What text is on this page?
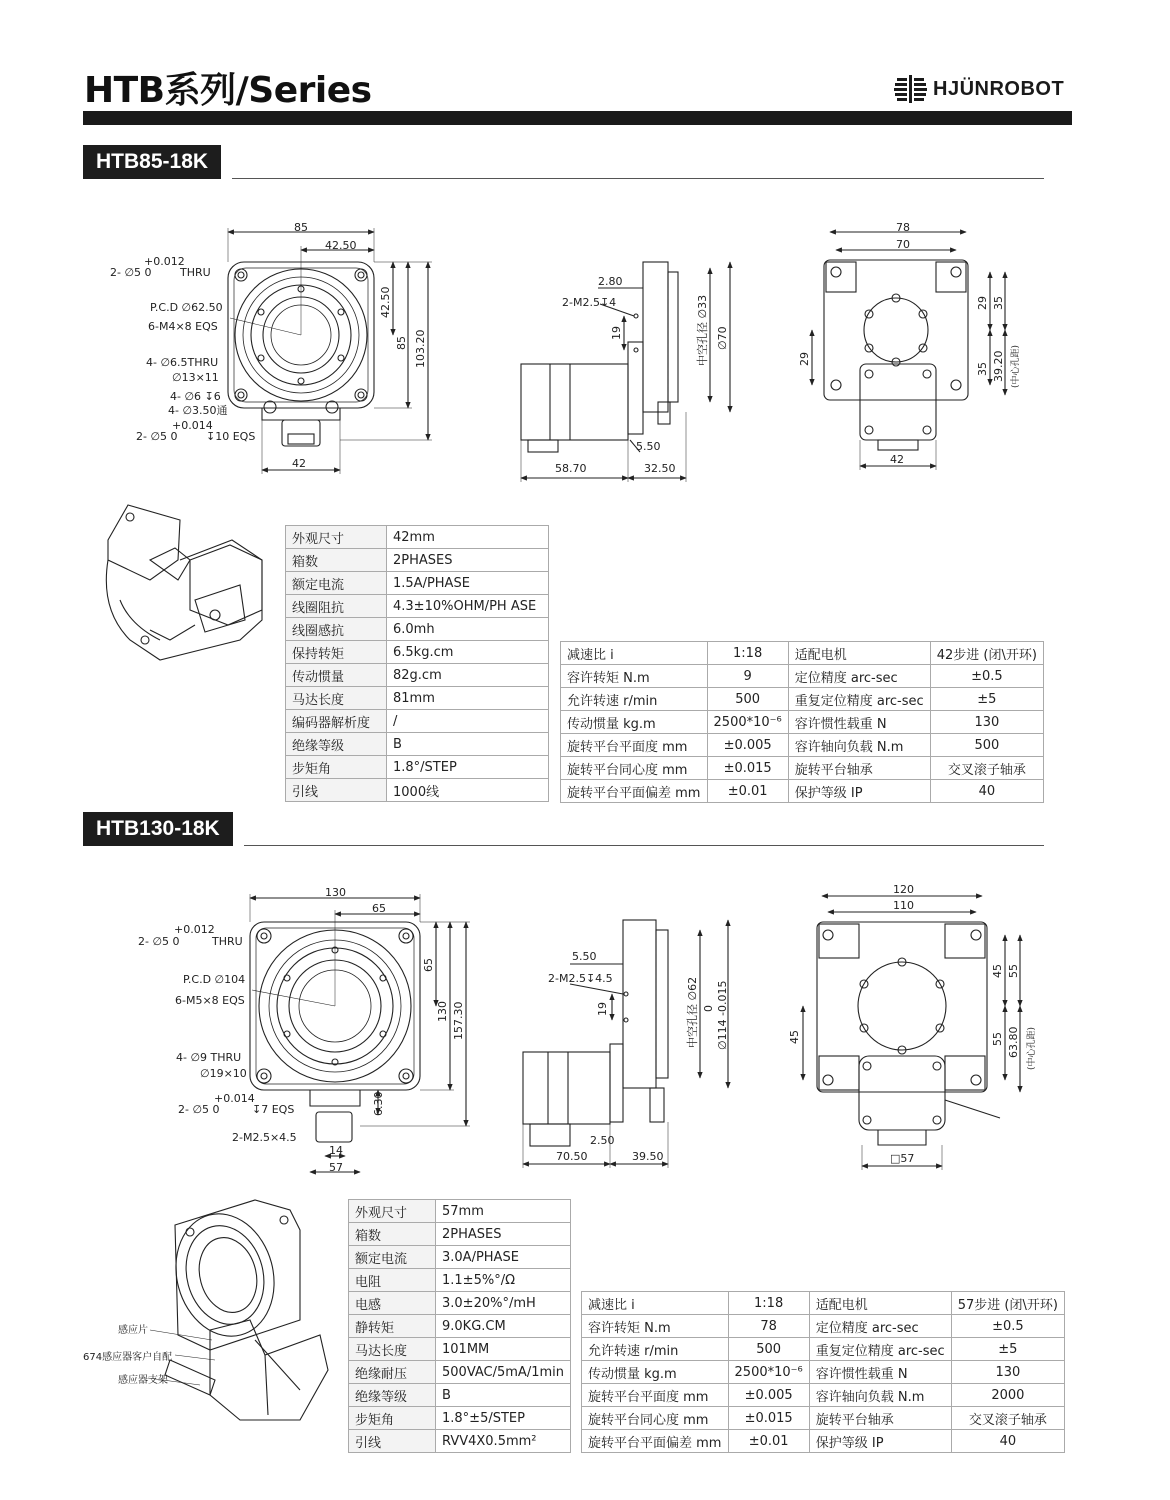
HTB系列/Series	HJÜNROBOT
HTB85-18K
HTB130-18K
85
42.50
+0.012
2- ∅5 0	THRU
P.C.D ∅62.50
6-M4×8 EQS
4- ∅6.5THRU
∅13×11
4- ∅6 ↧6
4- ∅3.50通
+0.014
2- ∅5 0	↧10 EQS
42.50
85 103.20
42
2.80
2-M2.5↧4
19	中空孔径 ∅33 ∅70
58.70	32.50
5.50
78
70
29 35
29
35 39.20 (中心孔距)
42
130
65
+0.012
2- ∅5 0	THRU
P.C.D ∅104
6-M5×8 EQS
4- ∅9 THRU
∅19×10
+0.014
2- ∅5 0	↧7 EQS
2-M2.5×4.5
65
130 157.30
6.30
14
57
5.50
2-M2.5↧4.5
19	中空孔径 ∅62 0 ∅114 -0.015
70.50	39.50
2.50
120
110
45 55
45	55 63.80 (中心孔距)
□57
感应片
674感应器客户自配
感应器支架
外观尺寸	42mm
箱数	2PHASES
额定电流	1.5A/PHASE
线圈阻抗	4.3±10%OHM/PH ASE
线圈感抗	6.0mh
保持转矩	6.5kg.cm
传动惯量	82g.cm
马达长度	81mm
编码器解析度	/
绝缘等级	B
步矩角	1.8°/STEP
引线	1000线
减速比 i	1:18	适配电机	42步进 (闭\开环)
容许转矩 N.m	9	定位精度 arc-sec	±0.5
允许转速 r/min	500	重复定位精度 arc-sec	±5
传动惯量 kg.m	2500*10⁻⁶	容许惯性载重 N	130
旋转平台平面度 mm	±0.005	容许轴向负载 N.m	500
旋转平台同心度 mm	±0.015	旋转平台轴承	交叉滚子轴承
旋转平台平面偏差 mm	±0.01	保护等级 IP	40
外观尺寸	57mm
箱数	2PHASES
额定电流	3.0A/PHASE
电阻	1.1±5%°/Ω
电感	3.0±20%°/mH
静转矩	9.0KG.CM
马达长度	101MM
绝缘耐压	500VAC/5mA/1min
绝缘等级	B
步矩角	1.8°±5/STEP
引线	RVV4X0.5mm²
减速比 i	1:18	适配电机	57步进 (闭\开环)
容许转矩 N.m	78	定位精度 arc-sec	±0.5
允许转速 r/min	500	重复定位精度 arc-sec	±5
传动惯量 kg.m	2500*10⁻⁶	容许惯性载重 N	130
旋转平台平面度 mm	±0.005	容许轴向负载 N.m	2000
旋转平台同心度 mm	±0.015	旋转平台轴承	交叉滚子轴承
旋转平台平面偏差 mm	±0.01	保护等级 IP	40
